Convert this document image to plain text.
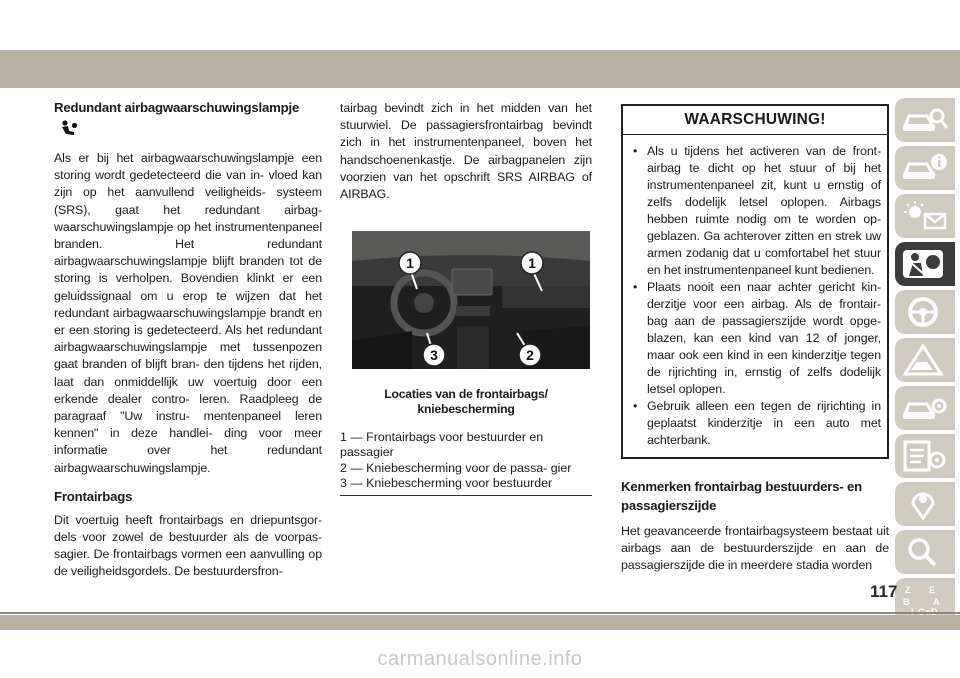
Redundant airbagwaarschuwingslampje

Als er bij het airbagwaarschuwingslampje een storing wordt gedetecteerd die van in- vloed kan zijn op het aanvullend veiligheids- systeem (SRS), gaat het redundant airbag- waarschuwingslampje op het instrumentenpaneel branden. Het redundant airbagwaarschuwingslampje blijft branden tot de storing is verholpen. Bovendien klinkt er een geluidssignaal om u erop te wijzen dat het redundant airbagwaarschuwingslampje brandt en er een storing is gedetecteerd. Als het redundant airbagwaarschuwingslampje met tussenpozen gaat branden of blijft bran- den tijdens het rijden, laat dan onmiddellijk uw voertuig door een erkende dealer contro- leren. Raadpleeg de paragraaf "Uw instru- mentenpaneel leren kennen" in deze handlei- ding voor meer informatie over het redundant airbagwaarschuwingslampje.

Frontairbags

Dit voertuig heeft frontairbags en driepuntsgor- dels voor zowel de bestuurder als de voorpas- sagier. De frontairbags vormen een aanvulling op de veiligheidsgordels. De bestuurdersfron-

tairbag bevindt zich in het midden van het stuurwiel. De passagiersfrontairbag bevindt zich in het instrumentenpaneel, boven het handschoenenkastje. De airbagpanelen zijn voorzien van het opschrift SRS AIRBAG of AIRBAG.

1	1
3	2
Locaties van de frontairbags/ kniebescherming
1 — Frontairbags voor bestuurder en passagier
2 — Kniebescherming voor de passa- gier
3 — Kniebescherming voor bestuurder
WAARSCHUWING!
• Als u tijdens het activeren van de front- airbag te dicht op het stuur of bij het instrumentenpaneel zit, kunt u ernstig of zelfs dodelijk letsel oplopen. Airbags hebben ruimte nodig om te worden op- geblazen. Ga achterover zitten en strek uw armen zodanig dat u comfortabel het stuur en het instrumentenpaneel kunt bedienen.
• Plaats nooit een naar achter gericht kin- derzitje voor een airbag. Als de frontair- bag aan de passagierszijde wordt opge- blazen, kan een kind van 12 of jonger, maar ook een kind in een kinderzitje tegen de rijrichting in, ernstig of zelfs dodelijk letsel oplopen.
• Gebruik alleen een tegen de rijrichting in geplaatst kinderzitje in een auto met achterbank.
Kenmerken frontairbag bestuurders- en passagierszijde

Het geavanceerde frontairbagsysteem bestaat uit airbags aan de bestuurderszijde en aan de passagierszijde die in meerdere stadia worden

Z E
B	A
117
carmanualsonline.info
